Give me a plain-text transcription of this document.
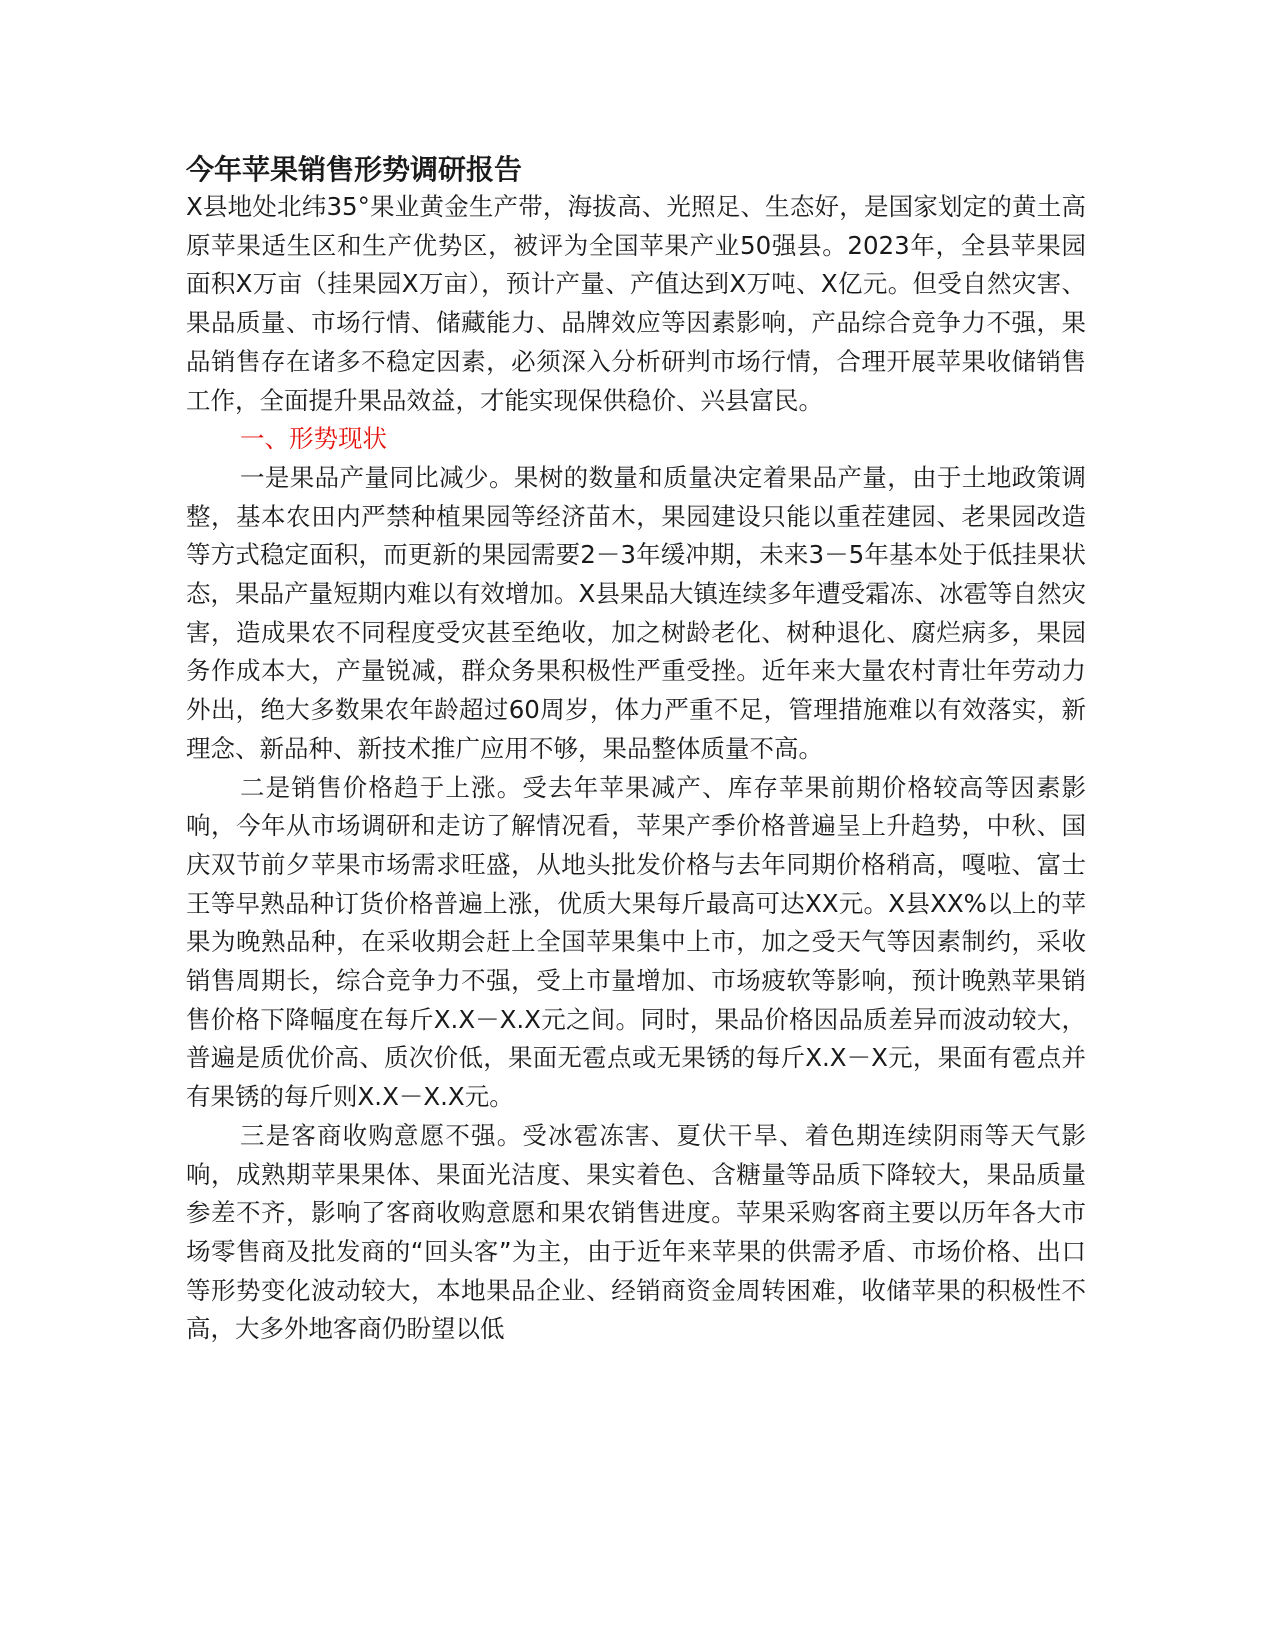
今年苹果销售形势调研报告

X县地处北纬35°果业黄金生产带，海拔高、光照足、生态好，是国家划定的黄土高原苹果适生区和生产优势区，被评为全国苹果产业50强县。2023年，全县苹果园面积X万亩（挂果园X万亩），预计产量、产值达到X万吨、X亿元。但受自然灾害、果品质量、市场行情、储藏能力、品牌效应等因素影响，产品综合竞争力不强，果品销售存在诸多不稳定因素，必须深入分析研判市场行情，合理开展苹果收储销售工作，全面提升果品效益，才能实现保供稳价、兴县富民。

一、形势现状

一是果品产量同比减少。果树的数量和质量决定着果品产量，由于土地政策调整，基本农田内严禁种植果园等经济苗木，果园建设只能以重茬建园、老果园改造等方式稳定面积，而更新的果园需要2－3年缓冲期，未来3－5年基本处于低挂果状态，果品产量短期内难以有效增加。X县果品大镇连续多年遭受霜冻、冰雹等自然灾害，造成果农不同程度受灾甚至绝收，加之树龄老化、树种退化、腐烂病多，果园务作成本大，产量锐减，群众务果积极性严重受挫。近年来大量农村青壮年劳动力外出，绝大多数果农年龄超过60周岁，体力严重不足，管理措施难以有效落实，新理念、新品种、新技术推广应用不够，果品整体质量不高。

二是销售价格趋于上涨。受去年苹果减产、库存苹果前期价格较高等因素影响，今年从市场调研和走访了解情况看，苹果产季价格普遍呈上升趋势，中秋、国庆双节前夕苹果市场需求旺盛，从地头批发价格与去年同期价格稍高，嘎啦、富士王等早熟品种订货价格普遍上涨，优质大果每斤最高可达XX元。X县XX%以上的苹果为晚熟品种，在采收期会赶上全国苹果集中上市，加之受天气等因素制约，采收销售周期长，综合竞争力不强，受上市量增加、市场疲软等影响，预计晚熟苹果销售价格下降幅度在每斤X.X－X.X元之间。同时，果品价格因品质差异而波动较大，普遍是质优价高、质次价低，果面无雹点或无果锈的每斤X.X－X元，果面有雹点并有果锈的每斤则X.X－X.X元。

三是客商收购意愿不强。受冰雹冻害、夏伏干旱、着色期连续阴雨等天气影响，成熟期苹果果体、果面光洁度、果实着色、含糖量等品质下降较大，果品质量参差不齐，影响了客商收购意愿和果农销售进度。苹果采购客商主要以历年各大市场零售商及批发商的“回头客”为主，由于近年来苹果的供需矛盾、市场价格、出口等形势变化波动较大，本地果品企业、经销商资金周转困难，收储苹果的积极性不高，大多外地客商仍盼望以低
